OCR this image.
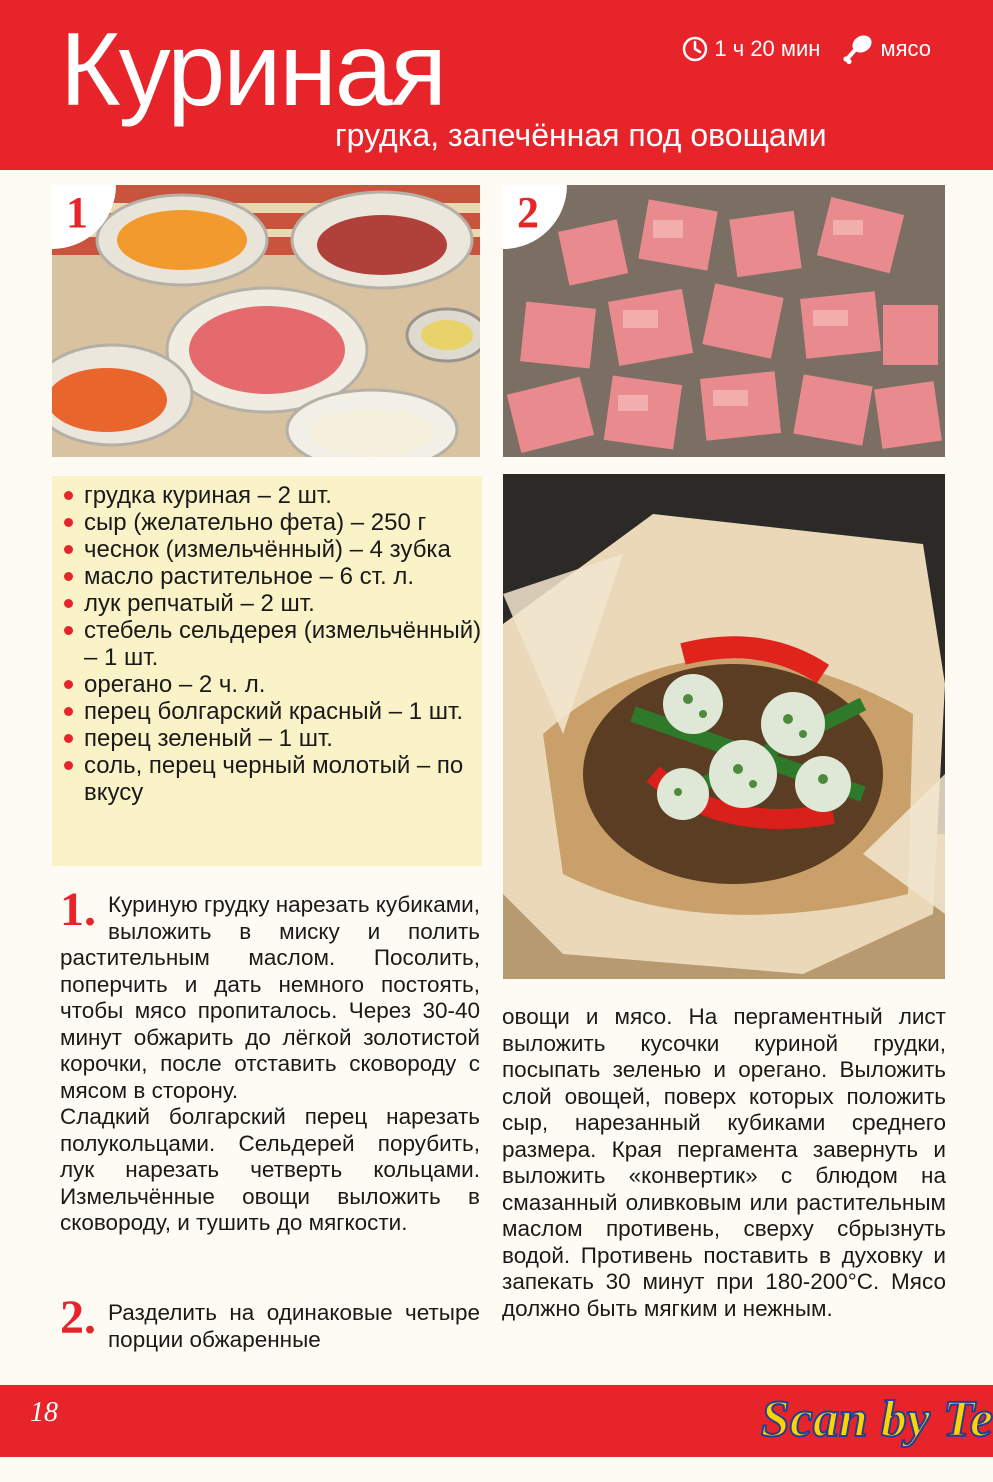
Куриная
грудка, запечённая под овощами
1 ч 20 мин	мясо
1	2
грудка куриная – 2 шт.
сыр (желательно фета) – 250 г
чеснок (измельчённый) – 4 зубка
масло растительное – 6 ст. л.
лук репчатый – 2 шт.
стебель сельдерея (измельчённый) – 1 шт.
орегано – 2 ч. л.
перец болгарский красный – 1 шт.
перец зеленый – 1 шт.
соль, перец черный молотый – по вкусу
1. Куриную грудку нарезать кубиками, выложить в миску и полить растительным маслом. Посолить, поперчить и дать немного постоять, чтобы мясо пропиталось. Через 30-40 минут обжарить до лёгкой золотистой корочки, после отставить сковороду с мясом в сторону.

Сладкий болгарский перец нарезать полукольцами. Сельдерей порубить, лук нарезать четверть кольцами. Измельчённые овощи выложить в сковороду, и тушить до мягкости.

2. Разделить на одинаковые четыре порции обжаренные

овощи и мясо. На пергаментный лист выложить кусочки куриной грудки, посыпать зеленью и орегано. Выложить слой овощей, поверх которых положить сыр, нарезанный кубиками среднего размера. Края пергамента завернуть и выложить «конвертик» с блюдом на смазанный оливковым или растительным маслом противень, сверху сбрызнуть водой. Противень поставить в духовку и запекать 30 минут при 180-200°C. Мясо должно быть мягким и нежным.

18	Scan by Te
